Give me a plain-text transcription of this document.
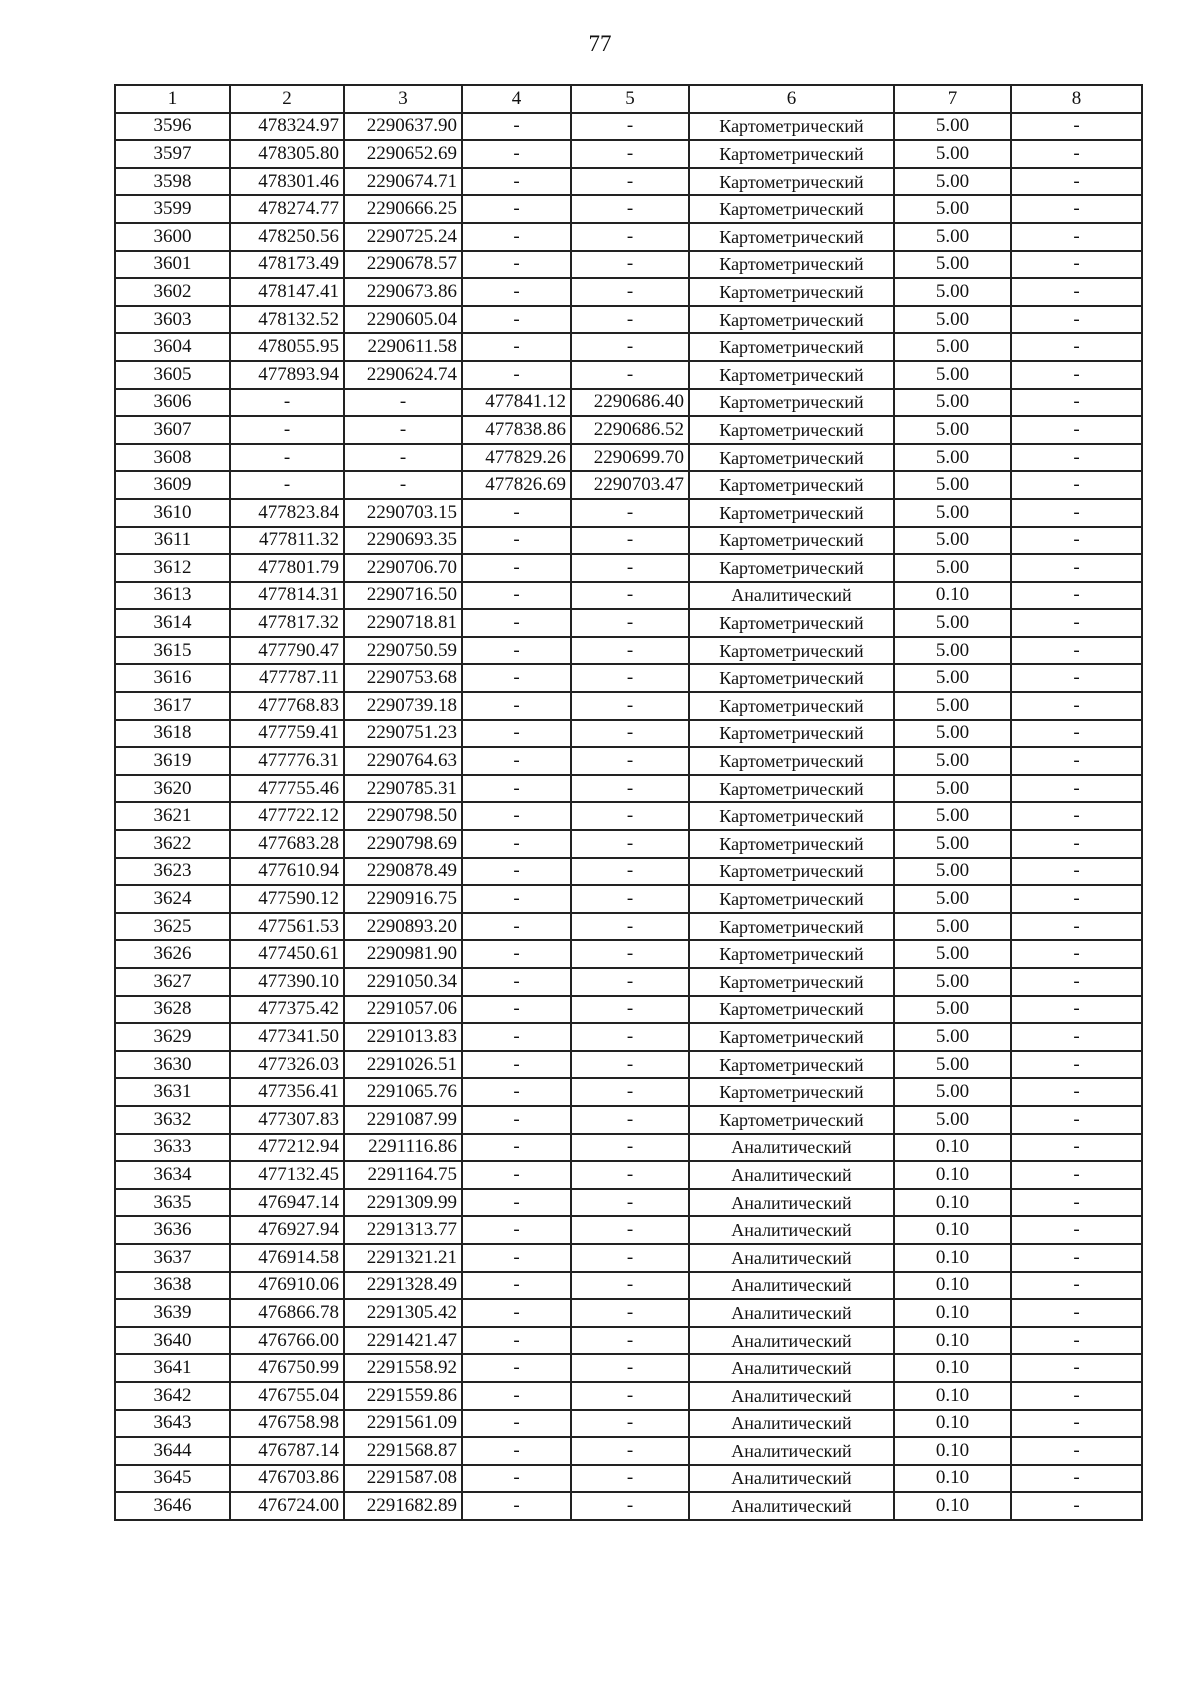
77
1	2	3	4	5	6	7	8
3596	478324.97	2290637.90	-	-	Картометрический	5.00	-
3597	478305.80	2290652.69	-	-	Картометрический	5.00	-
3598	478301.46	2290674.71	-	-	Картометрический	5.00	-
3599	478274.77	2290666.25	-	-	Картометрический	5.00	-
3600	478250.56	2290725.24	-	-	Картометрический	5.00	-
3601	478173.49	2290678.57	-	-	Картометрический	5.00	-
3602	478147.41	2290673.86	-	-	Картометрический	5.00	-
3603	478132.52	2290605.04	-	-	Картометрический	5.00	-
3604	478055.95	2290611.58	-	-	Картометрический	5.00	-
3605	477893.94	2290624.74	-	-	Картометрический	5.00	-
3606	-	-	477841.12	2290686.40	Картометрический	5.00	-
3607	-	-	477838.86	2290686.52	Картометрический	5.00	-
3608	-	-	477829.26	2290699.70	Картометрический	5.00	-
3609	-	-	477826.69	2290703.47	Картометрический	5.00	-
3610	477823.84	2290703.15	-	-	Картометрический	5.00	-
3611	477811.32	2290693.35	-	-	Картометрический	5.00	-
3612	477801.79	2290706.70	-	-	Картометрический	5.00	-
3613	477814.31	2290716.50	-	-	Аналитический	0.10	-
3614	477817.32	2290718.81	-	-	Картометрический	5.00	-
3615	477790.47	2290750.59	-	-	Картометрический	5.00	-
3616	477787.11	2290753.68	-	-	Картометрический	5.00	-
3617	477768.83	2290739.18	-	-	Картометрический	5.00	-
3618	477759.41	2290751.23	-	-	Картометрический	5.00	-
3619	477776.31	2290764.63	-	-	Картометрический	5.00	-
3620	477755.46	2290785.31	-	-	Картометрический	5.00	-
3621	477722.12	2290798.50	-	-	Картометрический	5.00	-
3622	477683.28	2290798.69	-	-	Картометрический	5.00	-
3623	477610.94	2290878.49	-	-	Картометрический	5.00	-
3624	477590.12	2290916.75	-	-	Картометрический	5.00	-
3625	477561.53	2290893.20	-	-	Картометрический	5.00	-
3626	477450.61	2290981.90	-	-	Картометрический	5.00	-
3627	477390.10	2291050.34	-	-	Картометрический	5.00	-
3628	477375.42	2291057.06	-	-	Картометрический	5.00	-
3629	477341.50	2291013.83	-	-	Картометрический	5.00	-
3630	477326.03	2291026.51	-	-	Картометрический	5.00	-
3631	477356.41	2291065.76	-	-	Картометрический	5.00	-
3632	477307.83	2291087.99	-	-	Картометрический	5.00	-
3633	477212.94	2291116.86	-	-	Аналитический	0.10	-
3634	477132.45	2291164.75	-	-	Аналитический	0.10	-
3635	476947.14	2291309.99	-	-	Аналитический	0.10	-
3636	476927.94	2291313.77	-	-	Аналитический	0.10	-
3637	476914.58	2291321.21	-	-	Аналитический	0.10	-
3638	476910.06	2291328.49	-	-	Аналитический	0.10	-
3639	476866.78	2291305.42	-	-	Аналитический	0.10	-
3640	476766.00	2291421.47	-	-	Аналитический	0.10	-
3641	476750.99	2291558.92	-	-	Аналитический	0.10	-
3642	476755.04	2291559.86	-	-	Аналитический	0.10	-
3643	476758.98	2291561.09	-	-	Аналитический	0.10	-
3644	476787.14	2291568.87	-	-	Аналитический	0.10	-
3645	476703.86	2291587.08	-	-	Аналитический	0.10	-
3646	476724.00	2291682.89	-	-	Аналитический	0.10	-
